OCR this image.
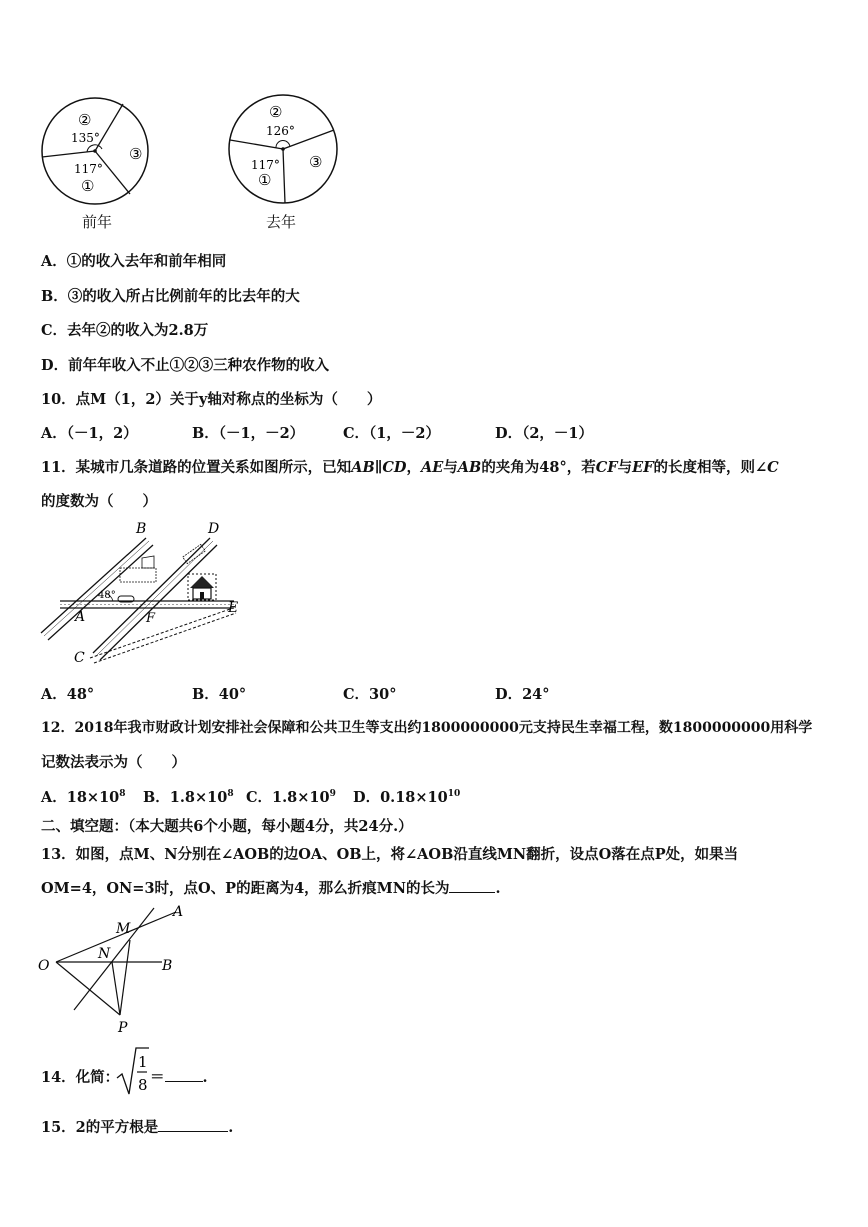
②
135°
③
117°
①
前年
②
126°
③
117°
①
去年
A．①的收入去年和前年相同
B．③的收入所占比例前年的比去年的大
C．去年②的收入为2.8万
D．前年年收入不止①②③三种农作物的收入
10．点M（1，2）关于y轴对称点的坐标为（　　）
A．（－1，2）	B．（－1，－2）	C．（1，－2）	D．（2，－1）
11．某城市几条道路的位置关系如图所示，已知AB∥CD，AE与AB的夹角为48°，若CF与EF的长度相等，则∠C
的度数为（　　）
B	D
48°
A	F
E
C
A．48°	B．40°	C．30°	D．24°
12．2018年我市财政计划安排社会保障和公共卫生等支出约1800000000元支持民生幸福工程，数1800000000用科学
记数法表示为（　　）
A．$18\times 10^8$ B．$1.8\times 10^8$ C．$1.8\times 10^9$ D．$0.18\times 10^{10}$
二、填空题：（本大题共6个小题，每小题4分，共24分.）
13．如图，点M、N分别在∠AOB的边OA、OB上，将∠AOB沿直线MN翻折，设点O落在点P处，如果当
OM=4，ON=3时，点O、P的距离为4，那么折痕MN的长为	.
O
M
A
N
B
P
14．化简：
1
8 ＝	.
15．2的平方根是	.
